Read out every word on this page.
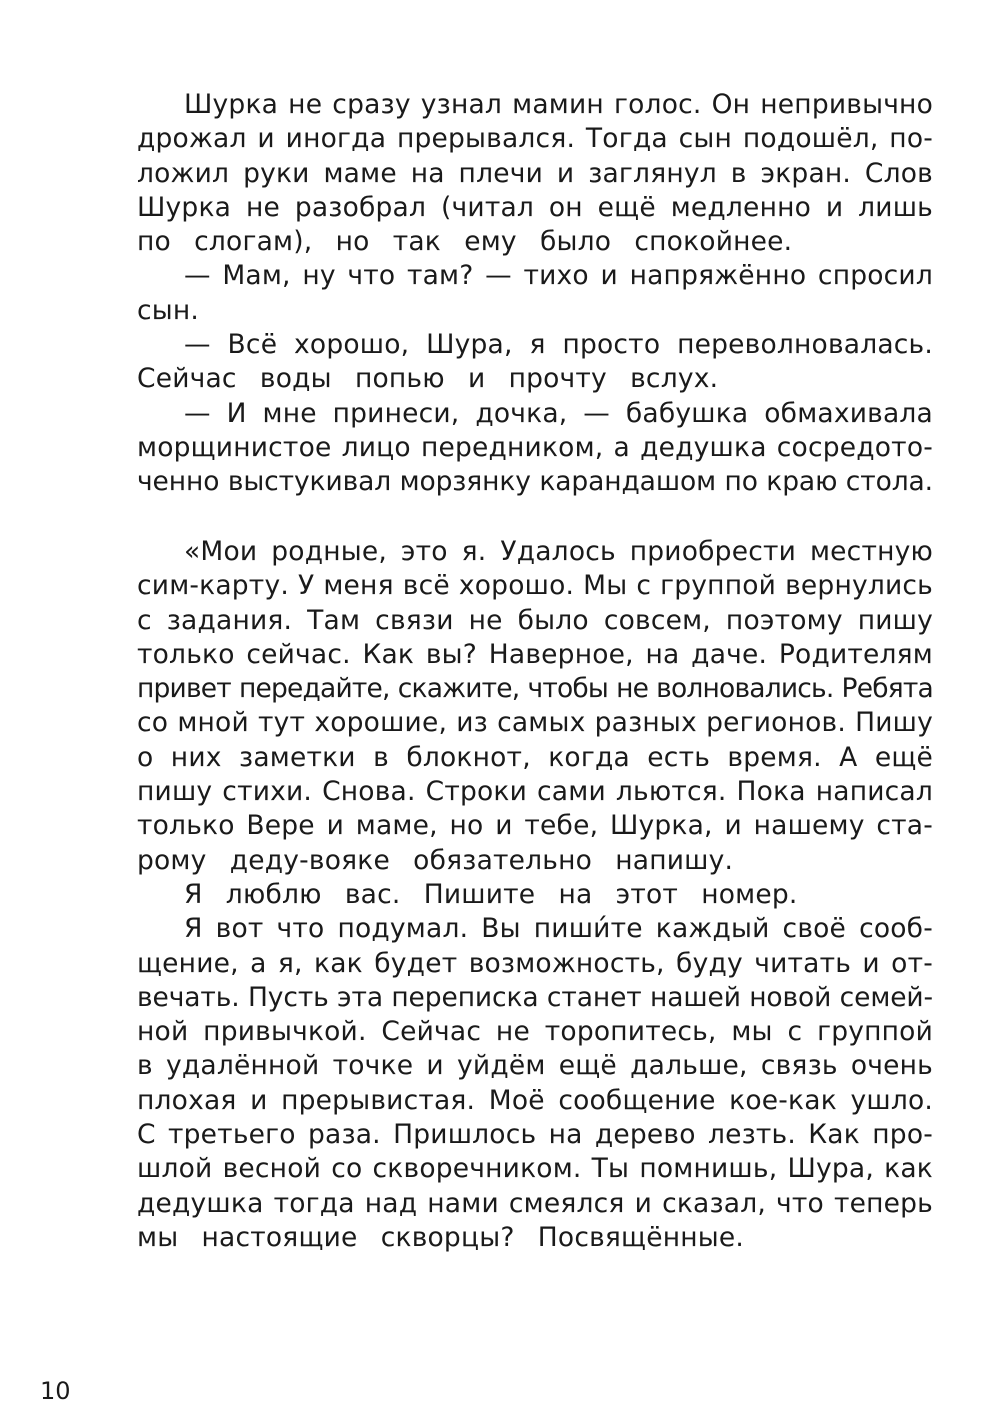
Шурка не сразу узнал мамин голос. Он непривычно
дрожал и иногда прерывался. Тогда сын подошёл, по-
ложил руки маме на плечи и заглянул в экран. Слов
Шурка не разобрал (читал он ещё медленно и лишь
по слогам), но так ему было спокойнее.
— Мам, ну что там? — тихо и напряжённо спросил
сын.
— Всё хорошо, Шура, я просто переволновалась.
Сейчас воды попью и прочту вслух.
— И мне принеси, дочка, — бабушка обмахивала
морщинистое лицо передником, а дедушка сосредото-
ченно выстукивал морзянку карандашом по краю стола.
«Мои родные, это я. Удалось приобрести местную
сим-карту. У меня всё хорошо. Мы с группой вернулись
с задания. Там связи не было совсем, поэтому пишу
только сейчас. Как вы? Наверное, на даче. Родителям
привет передайте, скажите, чтобы не волновались. Ребята
со мной тут хорошие, из самых разных регионов. Пишу
о них заметки в блокнот, когда есть время. А ещё
пишу стихи. Снова. Строки сами льются. Пока написал
только Вере и маме, но и тебе, Шурка, и нашему ста-
рому деду-вояке обязательно напишу.
Я люблю вас. Пишите на этот номер.
Я вот что подумал. Вы пиши́те каждый своё сооб-
щение, а я, как будет возможность, буду читать и от-
вечать. Пусть эта переписка станет нашей новой семей-
ной привычкой. Сейчас не торопитесь, мы с группой
в удалённой точке и уйдём ещё дальше, связь очень
плохая и прерывистая. Моё сообщение кое-как ушло.
С третьего раза. Пришлось на дерево лезть. Как про-
шлой весной со скворечником. Ты помнишь, Шура, как
дедушка тогда над нами смеялся и сказал, что теперь
мы настоящие скворцы? Посвящённые.
10
